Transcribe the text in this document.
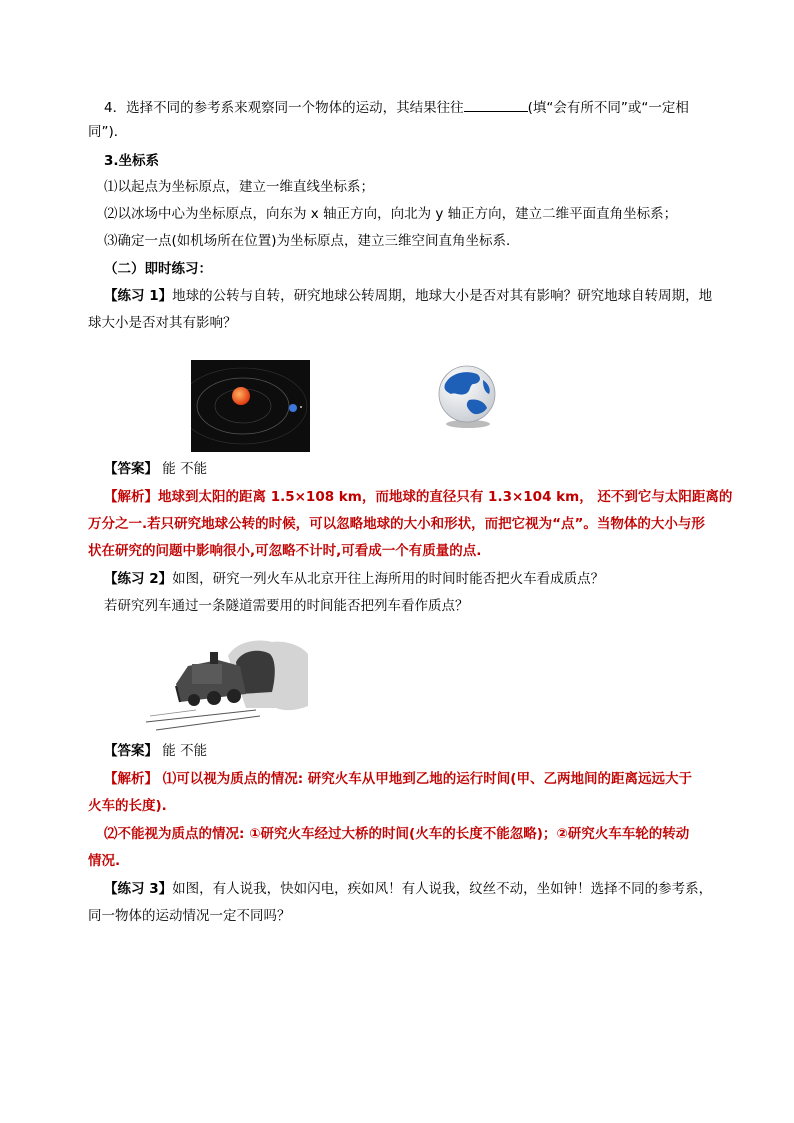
4．选择不同的参考系来观察同一个物体的运动，其结果往往	(填“会有所不同”或“一定相
同”)．
3.坐标系
⑴以起点为坐标原点，建立一维直线坐标系；
⑵以冰场中心为坐标原点，向东为 x 轴正方向，向北为 y 轴正方向，建立二维平面直角坐标系；
⑶确定一点(如机场所在位置)为坐标原点，建立三维空间直角坐标系．
（二）即时练习：
【练习 1】地球的公转与自转，研究地球公转周期，地球大小是否对其有影响？研究地球自转周期，地
球大小是否对其有影响？
【答案】 能 不能
【解析】地球到太阳的距离 1.5×108 km，而地球的直径只有 1.3×104 km， 还不到它与太阳距离的
万分之一.若只研究地球公转的时候，可以忽略地球的大小和形状，而把它视为“点”。当物体的大小与形
状在研究的问题中影响很小,可忽略不计时,可看成一个有质量的点.
【练习 2】如图，研究一列火车从北京开往上海所用的时间时能否把火车看成质点？
若研究列车通过一条隧道需要用的时间能否把列车看作质点？
【答案】 能 不能
【解析】 ⑴可以视为质点的情况: 研究火车从甲地到乙地的运行时间(甲、乙两地间的距离远远大于
火车的长度).
⑵不能视为质点的情况: ①研究火车经过大桥的时间(火车的长度不能忽略)；②研究火车车轮的转动
情况.
【练习 3】如图，有人说我，快如闪电，疾如风！有人说我，纹丝不动，坐如钟！选择不同的参考系，
同一物体的运动情况一定不同吗？
